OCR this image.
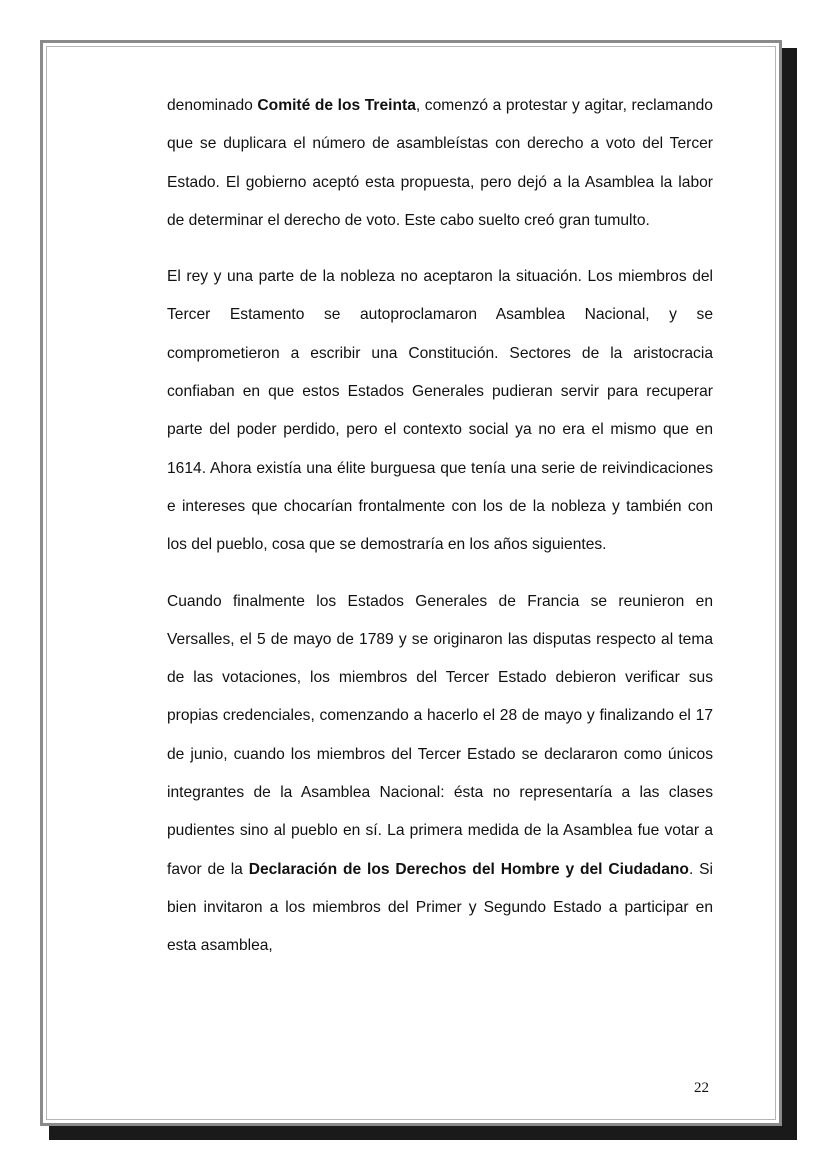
denominado Comité de los Treinta, comenzó a protestar y agitar, reclamando que se duplicara el número de asambleístas con derecho a voto del Tercer Estado. El gobierno aceptó esta propuesta, pero dejó a la Asamblea la labor de determinar el derecho de voto. Este cabo suelto creó gran tumulto.

El rey y una parte de la nobleza no aceptaron la situación. Los miembros del Tercer Estamento se autoproclamaron Asamblea Nacional, y se comprometieron a escribir una Constitución. Sectores de la aristocracia confiaban en que estos Estados Generales pudieran servir para recuperar parte del poder perdido, pero el contexto social ya no era el mismo que en 1614. Ahora existía una élite burguesa que tenía una serie de reivindicaciones e intereses que chocarían frontalmente con los de la nobleza y también con los del pueblo, cosa que se demostraría en los años siguientes.

Cuando finalmente los Estados Generales de Francia se reunieron en Versalles, el 5 de mayo de 1789 y se originaron las disputas respecto al tema de las votaciones, los miembros del Tercer Estado debieron verificar sus propias credenciales, comenzando a hacerlo el 28 de mayo y finalizando el 17 de junio, cuando los miembros del Tercer Estado se declararon como únicos integrantes de la Asamblea Nacional: ésta no representaría a las clases pudientes sino al pueblo en sí. La primera medida de la Asamblea fue votar a favor de la Declaración de los Derechos del Hombre y del Ciudadano. Si bien invitaron a los miembros del Primer y Segundo Estado a participar en esta asamblea,

22
